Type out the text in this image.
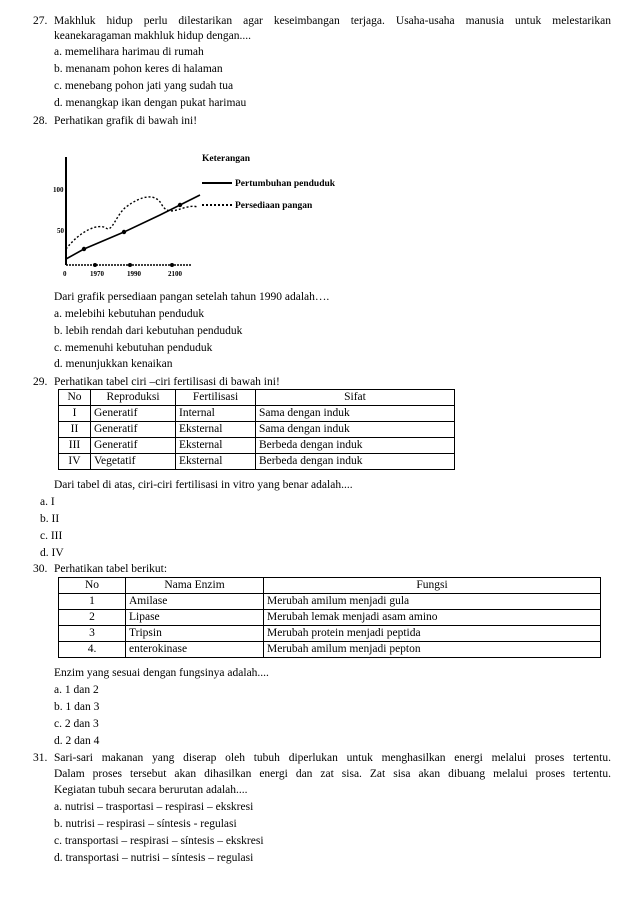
27. Makhluk hidup perlu dilestarikan agar keseimbangan terjaga. Usaha-usaha manusia untuk melestarikan
keanekaragaman makhluk hidup dengan....
a. memelihara harimau di rumah
b. menanam pohon keres di halaman
c. menebang pohon jati yang sudah tua
d. menangkap ikan dengan pukat harimau
28. Perhatikan grafik di bawah ini!
100
50
0	1970	1990	2100
Keterangan
Pertumbuhan penduduk
Persediaan pangan
Dari grafik persediaan pangan setelah tahun 1990 adalah….
a. melebihi kebutuhan penduduk
b. lebih rendah dari kebutuhan penduduk
c. memenuhi kebutuhan penduduk
d. menunjukkan kenaikan
29. Perhatikan tabel ciri –ciri fertilisasi di bawah ini!
No	Reproduksi	Fertilisasi	Sifat
I	Generatif	Internal	Sama dengan induk
II	Generatif	Eksternal	Sama dengan induk
III	Generatif	Eksternal	Berbeda dengan induk
IV	Vegetatif	Eksternal	Berbeda dengan induk
Dari tabel di atas, ciri-ciri fertilisasi in vitro yang benar adalah....
a. I
b. II
c. III
d. IV
30. Perhatikan tabel berikut:
No	Nama Enzim	Fungsi
1	Amilase	Merubah amilum menjadi gula
2	Lipase	Merubah lemak menjadi asam amino
3	Tripsin	Merubah protein menjadi peptida
4.	enterokinase	Merubah amilum menjadi pepton
Enzim yang sesuai dengan fungsinya adalah....
a. 1 dan 2
b. 1 dan 3
c. 2 dan 3
d. 2 dan 4
31. Sari-sari makanan yang diserap oleh tubuh diperlukan untuk menghasilkan energi melalui proses tertentu.
Dalam proses tersebut akan dihasilkan energi dan zat sisa. Zat sisa akan dibuang melalui proses tertentu.
Kegiatan tubuh secara berurutan adalah....
a. nutrisi – trasportasi – respirasi – ekskresi
b. nutrisi – respirasi – síntesis - regulasi
c. transportasi – respirasi – síntesis – ekskresi
d. transportasi – nutrisi – síntesis – regulasi
